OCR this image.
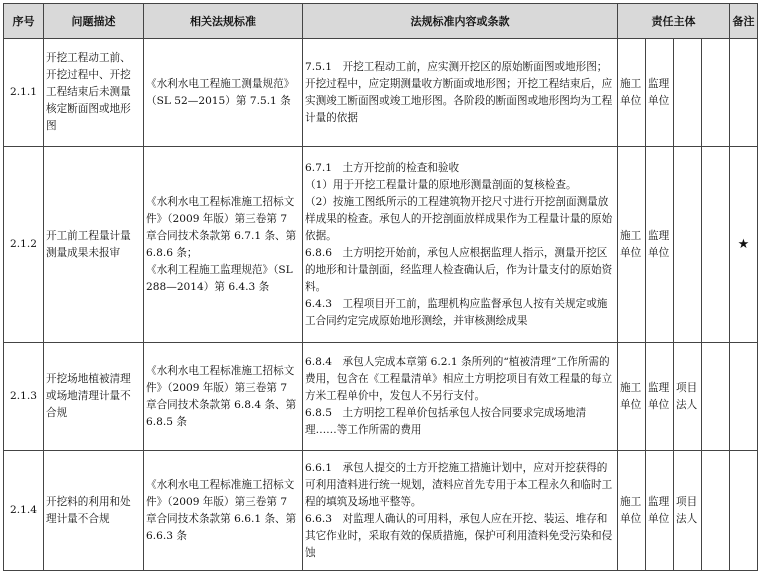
序号	问题描述	相关法规标准	法规标准内容或条款	责任主体				备注
2.1.1	开挖工程动工前、开挖过程中、开挖工程结束后未测量核定断面图或地形图	《水利水电工程施工测量规范》（SL 52—2015）第 7.5.1 条	7.5.1　开挖工程动工前，应实测开挖区的原始断面图或地形图；开挖过程中，应定期测量收方断面或地形图；开挖工程结束后，应实测竣工断面图或竣工地形图。各阶段的断面图或地形图均为工程计量的依据	施工单位	监理单位			
2.1.2	开工前工程量计量测量成果未报审	《水利水电工程标准施工招标文件》（2009 年版）第三卷第 7 章合同技术条款第 6.7.1 条、第 6.8.6 条；
《水利工程施工监理规范》（SL 288—2014）第 6.4.3 条	6.7.1　土方开挖前的检查和验收
（1）用于开挖工程量计量的原地形测量剖面的复核检查。
（2）按施工图纸所示的工程建筑物开挖尺寸进行开挖剖面测量放样成果的检查。承包人的开挖剖面放样成果作为工程量计量的原始依据。
6.8.6　土方明挖开始前，承包人应根据监理人指示，测量开挖区的地形和计量剖面，经监理人检查确认后，作为计量支付的原始资料。
6.4.3　工程项目开工前，监理机构应监督承包人按有关规定或施工合同约定完成原始地形测绘，并审核测绘成果	施工单位	监理单位			★
2.1.3	开挖场地植被清理或场地清理计量不合规	《水利水电工程标准施工招标文件》（2009 年版）第三卷第 7 章合同技术条款第 6.8.4 条、第 6.8.5 条	6.8.4　承包人完成本章第 6.2.1 条所列的“植被清理”工作所需的费用，包含在《工程量清单》相应土方明挖项目有效工程量的每立方米工程单价中，发包人不另行支付。
6.8.5　土方明挖工程单价包括承包人按合同要求完成场地清理……等工作所需的费用	施工单位	监理单位	项目法人		
2.1.4	开挖料的利用和处理计量不合规	《水利水电工程标准施工招标文件》（2009 年版）第三卷第 7 章合同技术条款第 6.6.1 条、第 6.6.3 条	6.6.1　承包人提交的土方开挖施工措施计划中，应对开挖获得的可利用渣料进行统一规划，渣料应首先专用于本工程永久和临时工程的填筑及场地平整等。
6.6.3　对监理人确认的可用料，承包人应在开挖、装运、堆存和其它作业时，采取有效的保质措施，保护可利用渣料免受污染和侵蚀	施工单位	监理单位	项目法人		
